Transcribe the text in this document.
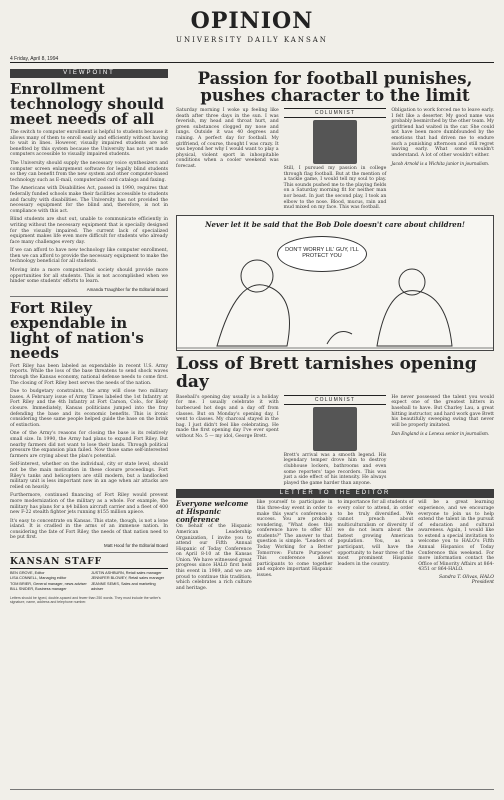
OPINION
UNIVERSITY DAILY KANSAN
4 Friday, April 8, 1994
VIEWPOINT
Enrollment technology should meet needs of all

The switch to computer enrollment is helpful to students because it allows many of them to enroll easily and efficiently without having to wait in lines. However, visually impaired students are not benefited by this system because the University has not yet made computers accessible to visually impaired students.

The University should supply the necessary voice synthesizers and computer screen enlargement software for legally blind students so they can benefit from the new system and other computer-based technology such as E-mail, computerized card catalogs and faxing.

The Americans with Disabilities Act, passed in 1990, requires that federally funded schools make their facilities accessible to students and faculty with disabilities. The University has not provided the necessary equipment for the blind and, therefore, is not in compliance with this act.

Blind students are shut out, unable to communicate efficiently in writing without the necessary equipment that is specially designed for the visually impaired. The current lack of specialized equipment makes life even more difficult for students who already face many challenges every day.

If we can afford to have new technology like computer enrollment, then we can afford to provide the necessary equipment to make the technology beneficial for all students.

Moving into a more computerized society should provide more opportunities for all students. This is not accomplished when we hinder some students' efforts to learn.

Amanda Traughber for the Editorial Board
Fort Riley expendable in light of nation's needs

Fort Riley has been labeled as expendable in recent U.S. Army reports. While the loss of the base threatens to send shock waves through the Kansas economy, national defense needs to come first. The closing of Fort Riley best serves the needs of the nation.

Due to budgetary constraints, the army will close two military bases. A February issue of Army Times labeled the 1st Infantry at Fort Riley and the 4th Infantry at Fort Carson, Colo., for likely closure. Immediately, Kansas politicians jumped into the fray defending the base and its economic benefits. This is ironic considering these same people helped guide the base on the brink of extinction.

One of the Army's reasons for closing the base is its relatively small size. In 1990, the Army had plans to expand Fort Riley. But nearby farmers did not want to lose their lands. Through political pressure the expansion plan failed. Now those same self-interested farmers are crying about the plan's potential.

Self-interest, whether on the individual, city or state level, should not be the main motivation in these closure proceedings. Fort Riley's tanks and helicopters are still modern, but a landlocked military unit is less important now in an age when air attacks are relied on heavily.

Furthermore, continued financing of Fort Riley would prevent more modernization of the military as a whole. For example, the military has plans for a $4 billion aircraft carrier and a fleet of 400 new F-22 stealth fighter jets running $155 million apiece.

It's easy to concentrate on Kansas. This state, though, is not a lone island. It is cradled in the arms of an immense nation. In considering the fate of Fort Riley, the needs of that nation need to be put first.

Matt Hood for the Editorial Board
KANSAN STAFF
BEN GROVE, Editor
LISA CONNELL, Managing editor
TOM BRIER, General manager, news adviser
BILL SNIDER, Business manager
JUSTIN ASHBURN, Retail sales manager
JENNIFER BLOWEY, Retail sales manager
JEANNE SEMIS, Sales and marketing adviser
Letters should be typed, double-spaced and fewer than 250 words. They must include the writer's signature, name, address and telephone number.
Passion for football punishes, pushes character to the limit

Saturday morning I woke up feeling like death after three days in the sun. I was feverish, my head and throat hurt, and green substances clogged my nose and lungs. Outside it was 40 degrees and raining. A perfect day for football. My girlfriend, of course, thought I was crazy. It was beyond her why I would want to play a physical, violent sport in inhospitable conditions when a cooler weekend was forecast.

COLUMNIST

Still, I pursued my passion in college through flag football. But at the mention of a tackle game, I would tell my soul to play. This sounds pushed me to the playing fields on a Saturday morning fit for neither man nor beast. In just the second play, I took an elbow to the nose. Blood, mucus, rain and mud mixed on my face. This was football.

Obligation to work forced me to leave early. I felt like a deserter. My good name was probably besmirched by the other team. My girlfriend had waited in the car. She could not have been more dumbfounded by the emotions that had driven me to endure such a punishing afternoon and still regret leaving early. What some wouldn't understand. A lot of other wouldn't either.

Jacob Arnold is a Wichita junior in journalism.
Never let it be said that the Bob Dole doesn't care about children!
DON'T WORRY LIL' GUY, I'LL PROTECT YOU
Loss of Brett tarnishes opening day

Baseball's opening day usually is a holiday for me. I usually celebrate it with barbecued hot dogs and a day off from classes. But on Monday's opening day, I went to classes. My charcoal stayed in the bag. I just didn't feel like celebrating. He made the first opening day I've ever spent without No. 5 — my idol, George Brett.

COLUMNIST

Brett's arrival was a smooth legend. His legendary temper drove him to destroy clubhouse lockers, bathrooms and even some reporters' tape recorders. This was just a side effect of his intensity. He always played the game harder than anyone.

He never possessed the talent you would expect one of the greatest hitters in baseball to have. But Charley Lau, a great hitting instructor, and hard work gave Brett his beautifully sweeping swing that never will be properly imitated.

Dan England is a Lenexa senior in journalism.
LETTER TO THE EDITOR
Everyone welcome at Hispanic conference

On behalf of the Hispanic American Leadership Organization, I invite you to attend our Fifth Annual Hispanic of Today Conference on April 8-10 at the Kansas Union. We have witnessed great progress since HALO first held this event in 1989, and we are proud to continue this tradition, which celebrates a rich culture and heritage.

like yourself to participate in this three-day event in order to make this year's conference a success. You are probably wondering, "What does this conference have to offer KU students?" The answer to that question is simple. "Leaders of Today Working for a Better Tomorrow: Future Purposes" This conference allows participants to come together and explore important Hispanic issues.

to importance for all students of every color to attend, in order to be truly diversified. We cannot preach about multiculturalism or diversity if we do not learn about the fastest growing American population. You, as a participant, will have the opportunity to hear three of the most prominent Hispanic leaders in the country.

will be a great learning experience, and we encourage everyone to join us to help extend the talent in the pursuit of education and cultural awareness. Again, I would like to extend a special invitation to welcome you to HALO's Fifth Annual Hispanics of Today Conference this weekend. For more information contact the Office of Minority Affairs at 864-4351 or 864-HALO.

Sandra T. Olivas, HALO President
